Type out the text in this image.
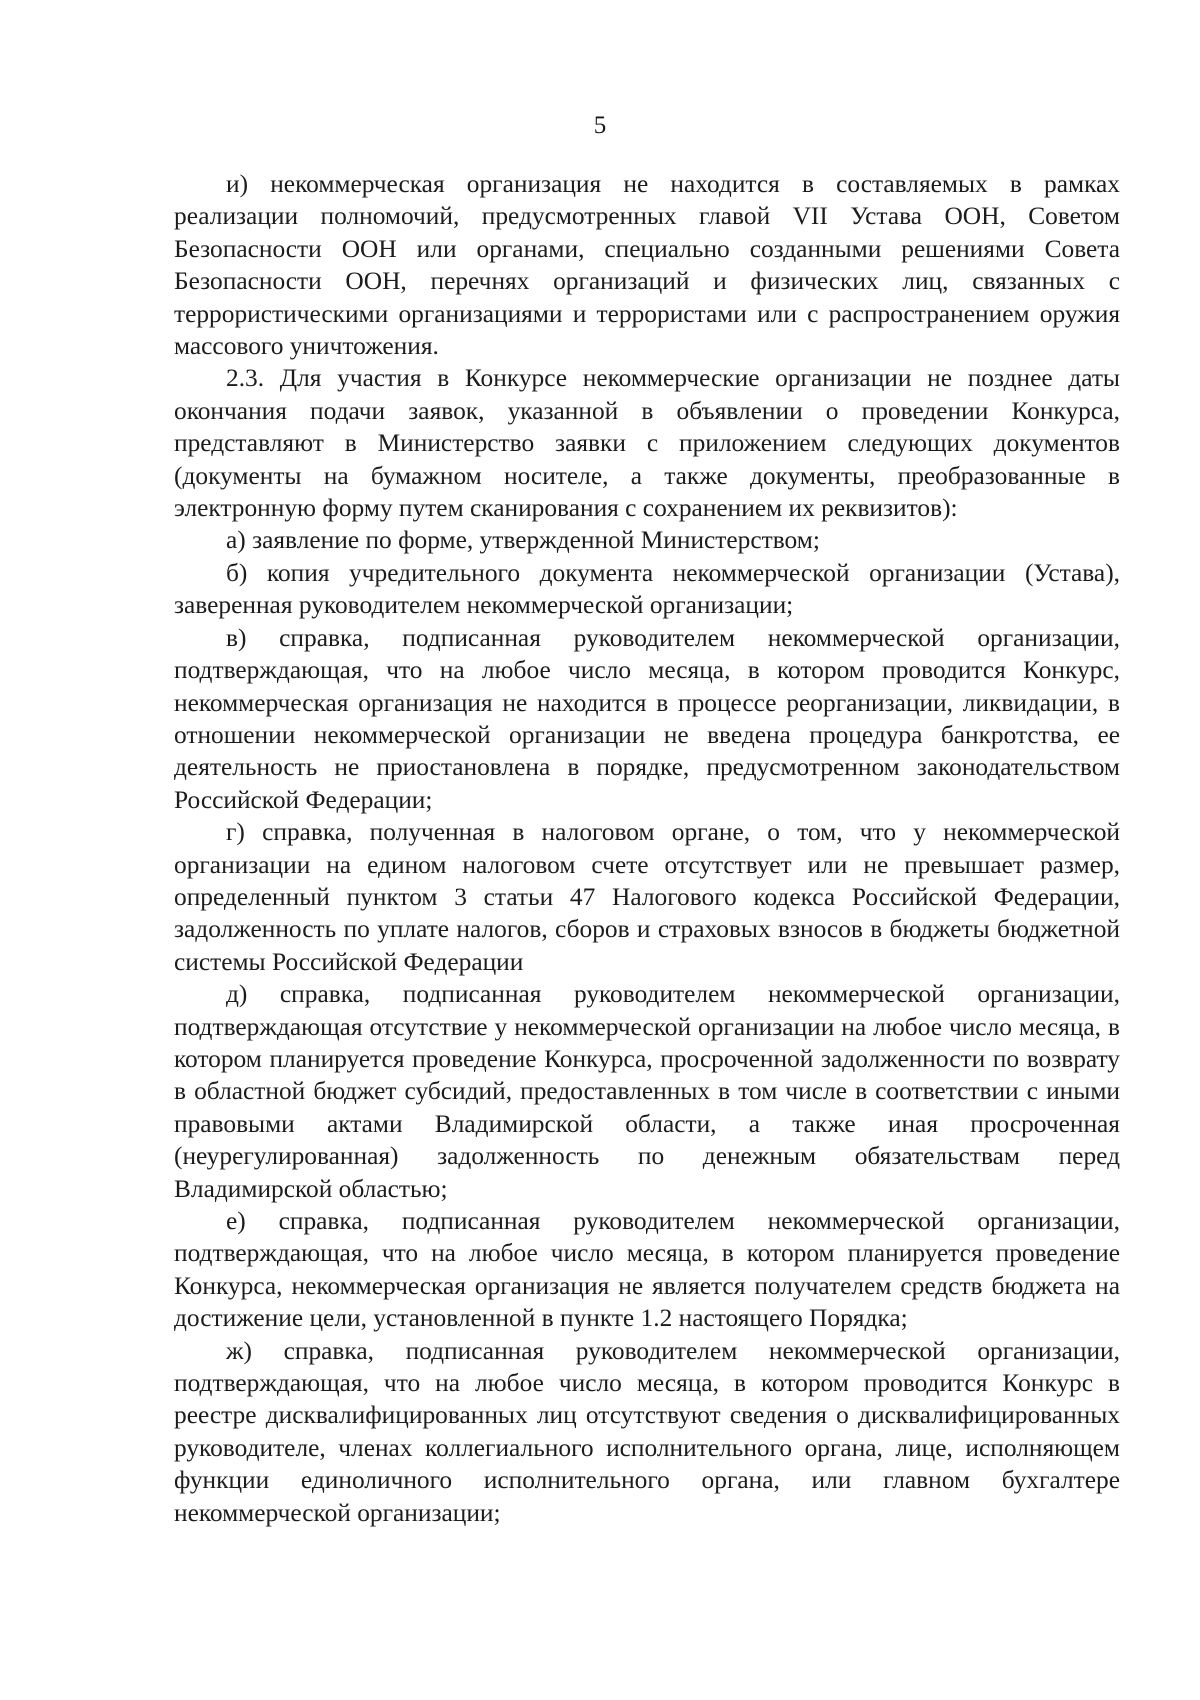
5

и) некоммерческая организация не находится в составляемых в рамках реализации полномочий, предусмотренных главой VII Устава ООН, Советом Безопасности ООН или органами, специально созданными решениями Совета Безопасности ООН, перечнях организаций и физических лиц, связанных с террористическими организациями и террористами или с распространением оружия массового уничтожения.

2.3. Для участия в Конкурсе некоммерческие организации не позднее даты окончания подачи заявок, указанной в объявлении о проведении Конкурса, представляют в Министерство заявки с приложением следующих документов (документы на бумажном носителе, а также документы, преобразованные в электронную форму путем сканирования с сохранением их реквизитов):

а) заявление по форме, утвержденной Министерством;

б) копия учредительного документа некоммерческой организации (Устава), заверенная руководителем некоммерческой организации;

в) справка, подписанная руководителем некоммерческой организации, подтверждающая, что на любое число месяца, в котором проводится Конкурс, некоммерческая организация не находится в процессе реорганизации, ликвидации, в отношении некоммерческой организации не введена процедура банкротства, ее деятельность не приостановлена в порядке, предусмотренном законодательством Российской Федерации;

г) справка, полученная в налоговом органе, о том, что у некоммерческой организации на едином налоговом счете отсутствует или не превышает размер, определенный пунктом 3 статьи 47 Налогового кодекса Российской Федерации, задолженность по уплате налогов, сборов и страховых взносов в бюджеты бюджетной системы Российской Федерации

д) справка, подписанная руководителем некоммерческой организации, подтверждающая отсутствие у некоммерческой организации на любое число месяца, в котором планируется проведение Конкурса, просроченной задолженности по возврату в областной бюджет субсидий, предоставленных в том числе в соответствии с иными правовыми актами Владимирской области, а также иная просроченная (неурегулированная) задолженность по денежным обязательствам перед Владимирской областью;

е) справка, подписанная руководителем некоммерческой организации, подтверждающая, что на любое число месяца, в котором планируется проведение Конкурса, некоммерческая организация не является получателем средств бюджета на достижение цели, установленной в пункте 1.2 настоящего Порядка;

ж) справка, подписанная руководителем некоммерческой организации, подтверждающая, что на любое число месяца, в котором проводится Конкурс в реестре дисквалифицированных лиц отсутствуют сведения о дисквалифицированных руководителе, членах коллегиального исполнительного органа, лице, исполняющем функции единоличного исполнительного органа, или главном бухгалтере некоммерческой организации;
